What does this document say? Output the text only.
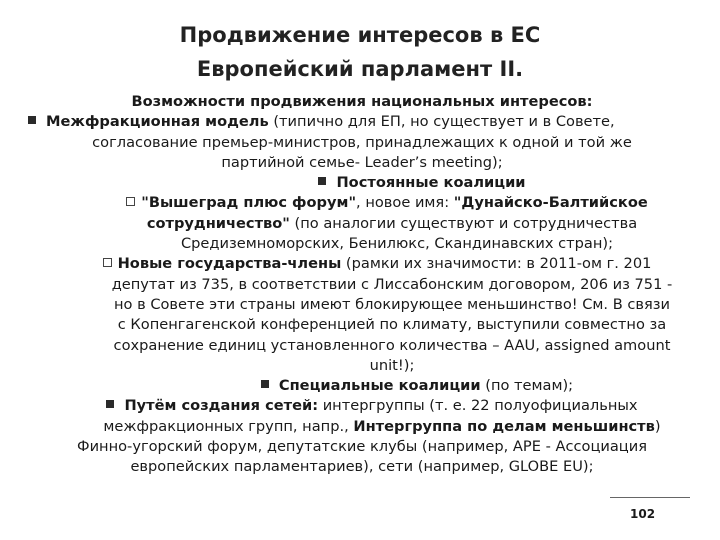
Продвижение интересов в ЕС
Европейский парламент II.
Возможности продвижения национальных интересов:
Межфракционная модель (типично для ЕП, но существует и в Совете,
согласование премьер-министров, принадлежащих к одной и той же
партийной семье- Leader’s meeting);
Постоянные коалиции
"Вышеград плюс форум", новое имя: "Дунайско-Балтийское
сотрудничество" (по аналогии существуют и сотрудничества
Средиземноморских, Бенилюкс, Скандинавских стран);
Новые государства-члены (рамки их значимости: в 2011-ом г. 201
депутат из 735, в соответствии с Лиссабонским договором, 206 из 751 -
но в Совете эти страны имеют блокирующее меньшинство! См. В связи
с Копенгагенской конференцией по климату, выступили совместно за
сохранение единиц установленного количества – AAU, assigned amount
unit!);
Специальные коалиции (по темам);
Путём создания сетей: интергруппы (т. е. 22 полуофициальных
межфракционных групп, напр., Интергруппа по делам меньшинств)
Финно-угорский форум, депутатские клубы (например, APE - Ассоциация
европейских парламентариев), сети (например, GLOBE EU);
102
